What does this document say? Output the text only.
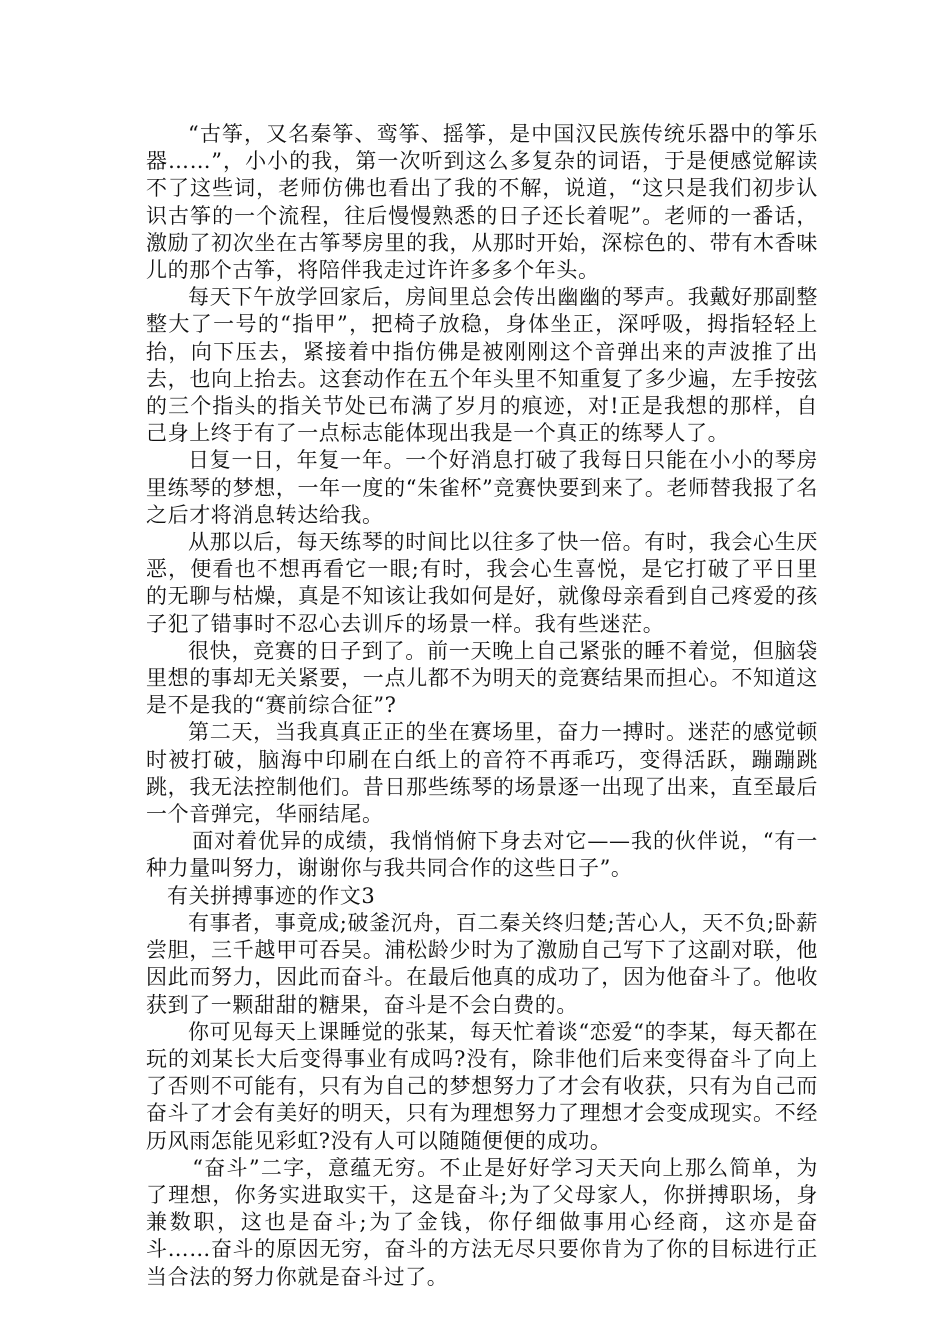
“古筝，又名秦筝、鸾筝、摇筝，是中国汉民族传统乐器中的筝乐器……”，小小的我，第一次听到这么多复杂的词语，于是便感觉解读不了这些词，老师仿佛也看出了我的不解，说道，“这只是我们初步认识古筝的一个流程，往后慢慢熟悉的日子还长着呢”。老师的一番话，激励了初次坐在古筝琴房里的我，从那时开始，深棕色的、带有木香味儿的那个古筝，将陪伴我走过许许多多个年头。

每天下午放学回家后，房间里总会传出幽幽的琴声。我戴好那副整整大了一号的“指甲”，把椅子放稳，身体坐正，深呼吸，拇指轻轻上抬，向下压去，紧接着中指仿佛是被刚刚这个音弹出来的声波推了出去，也向上抬去。这套动作在五个年头里不知重复了多少遍，左手按弦的三个指头的指关节处已布满了岁月的痕迹，对!正是我想的那样，自己身上终于有了一点标志能体现出我是一个真正的练琴人了。

日复一日，年复一年。一个好消息打破了我每日只能在小小的琴房里练琴的梦想，一年一度的“朱雀杯”竞赛快要到来了。老师替我报了名之后才将消息转达给我。

从那以后，每天练琴的时间比以往多了快一倍。有时，我会心生厌恶，便看也不想再看它一眼;有时，我会心生喜悦，是它打破了平日里的无聊与枯燥，真是不知该让我如何是好，就像母亲看到自己疼爱的孩子犯了错事时不忍心去训斥的场景一样。我有些迷茫。

很快，竞赛的日子到了。前一天晚上自己紧张的睡不着觉，但脑袋里想的事却无关紧要，一点儿都不为明天的竞赛结果而担心。不知道这是不是我的“赛前综合征”?

第二天，当我真真正正的坐在赛场里，奋力一搏时。迷茫的感觉顿时被打破，脑海中印刷在白纸上的音符不再乖巧，变得活跃，蹦蹦跳跳，我无法控制他们。昔日那些练琴的场景逐一出现了出来，直至最后一个音弹完，华丽结尾。

面对着优异的成绩，我悄悄俯下身去对它——我的伙伴说，“有一种力量叫努力，谢谢你与我共同合作的这些日子”。

有关拼搏事迹的作文3

有事者，事竟成;破釜沉舟，百二秦关终归楚;苦心人，天不负;卧薪尝胆，三千越甲可吞吴。浦松龄少时为了激励自己写下了这副对联，他因此而努力，因此而奋斗。在最后他真的成功了，因为他奋斗了。他收获到了一颗甜甜的糖果，奋斗是不会白费的。

你可见每天上课睡觉的张某，每天忙着谈“恋爱“的李某，每天都在玩的刘某长大后变得事业有成吗?没有，除非他们后来变得奋斗了向上了否则不可能有，只有为自己的梦想努力了才会有收获，只有为自己而奋斗了才会有美好的明天，只有为理想努力了理想才会变成现实。不经历风雨怎能见彩虹?没有人可以随随便便的成功。

“奋斗”二字，意蕴无穷。不止是好好学习天天向上那么简单，为了理想，你务实进取实干，这是奋斗;为了父母家人，你拼搏职场，身兼数职，这也是奋斗;为了金钱，你仔细做事用心经商，这亦是奋斗……奋斗的原因无穷，奋斗的方法无尽只要你肯为了你的目标进行正当合法的努力你就是奋斗过了。
